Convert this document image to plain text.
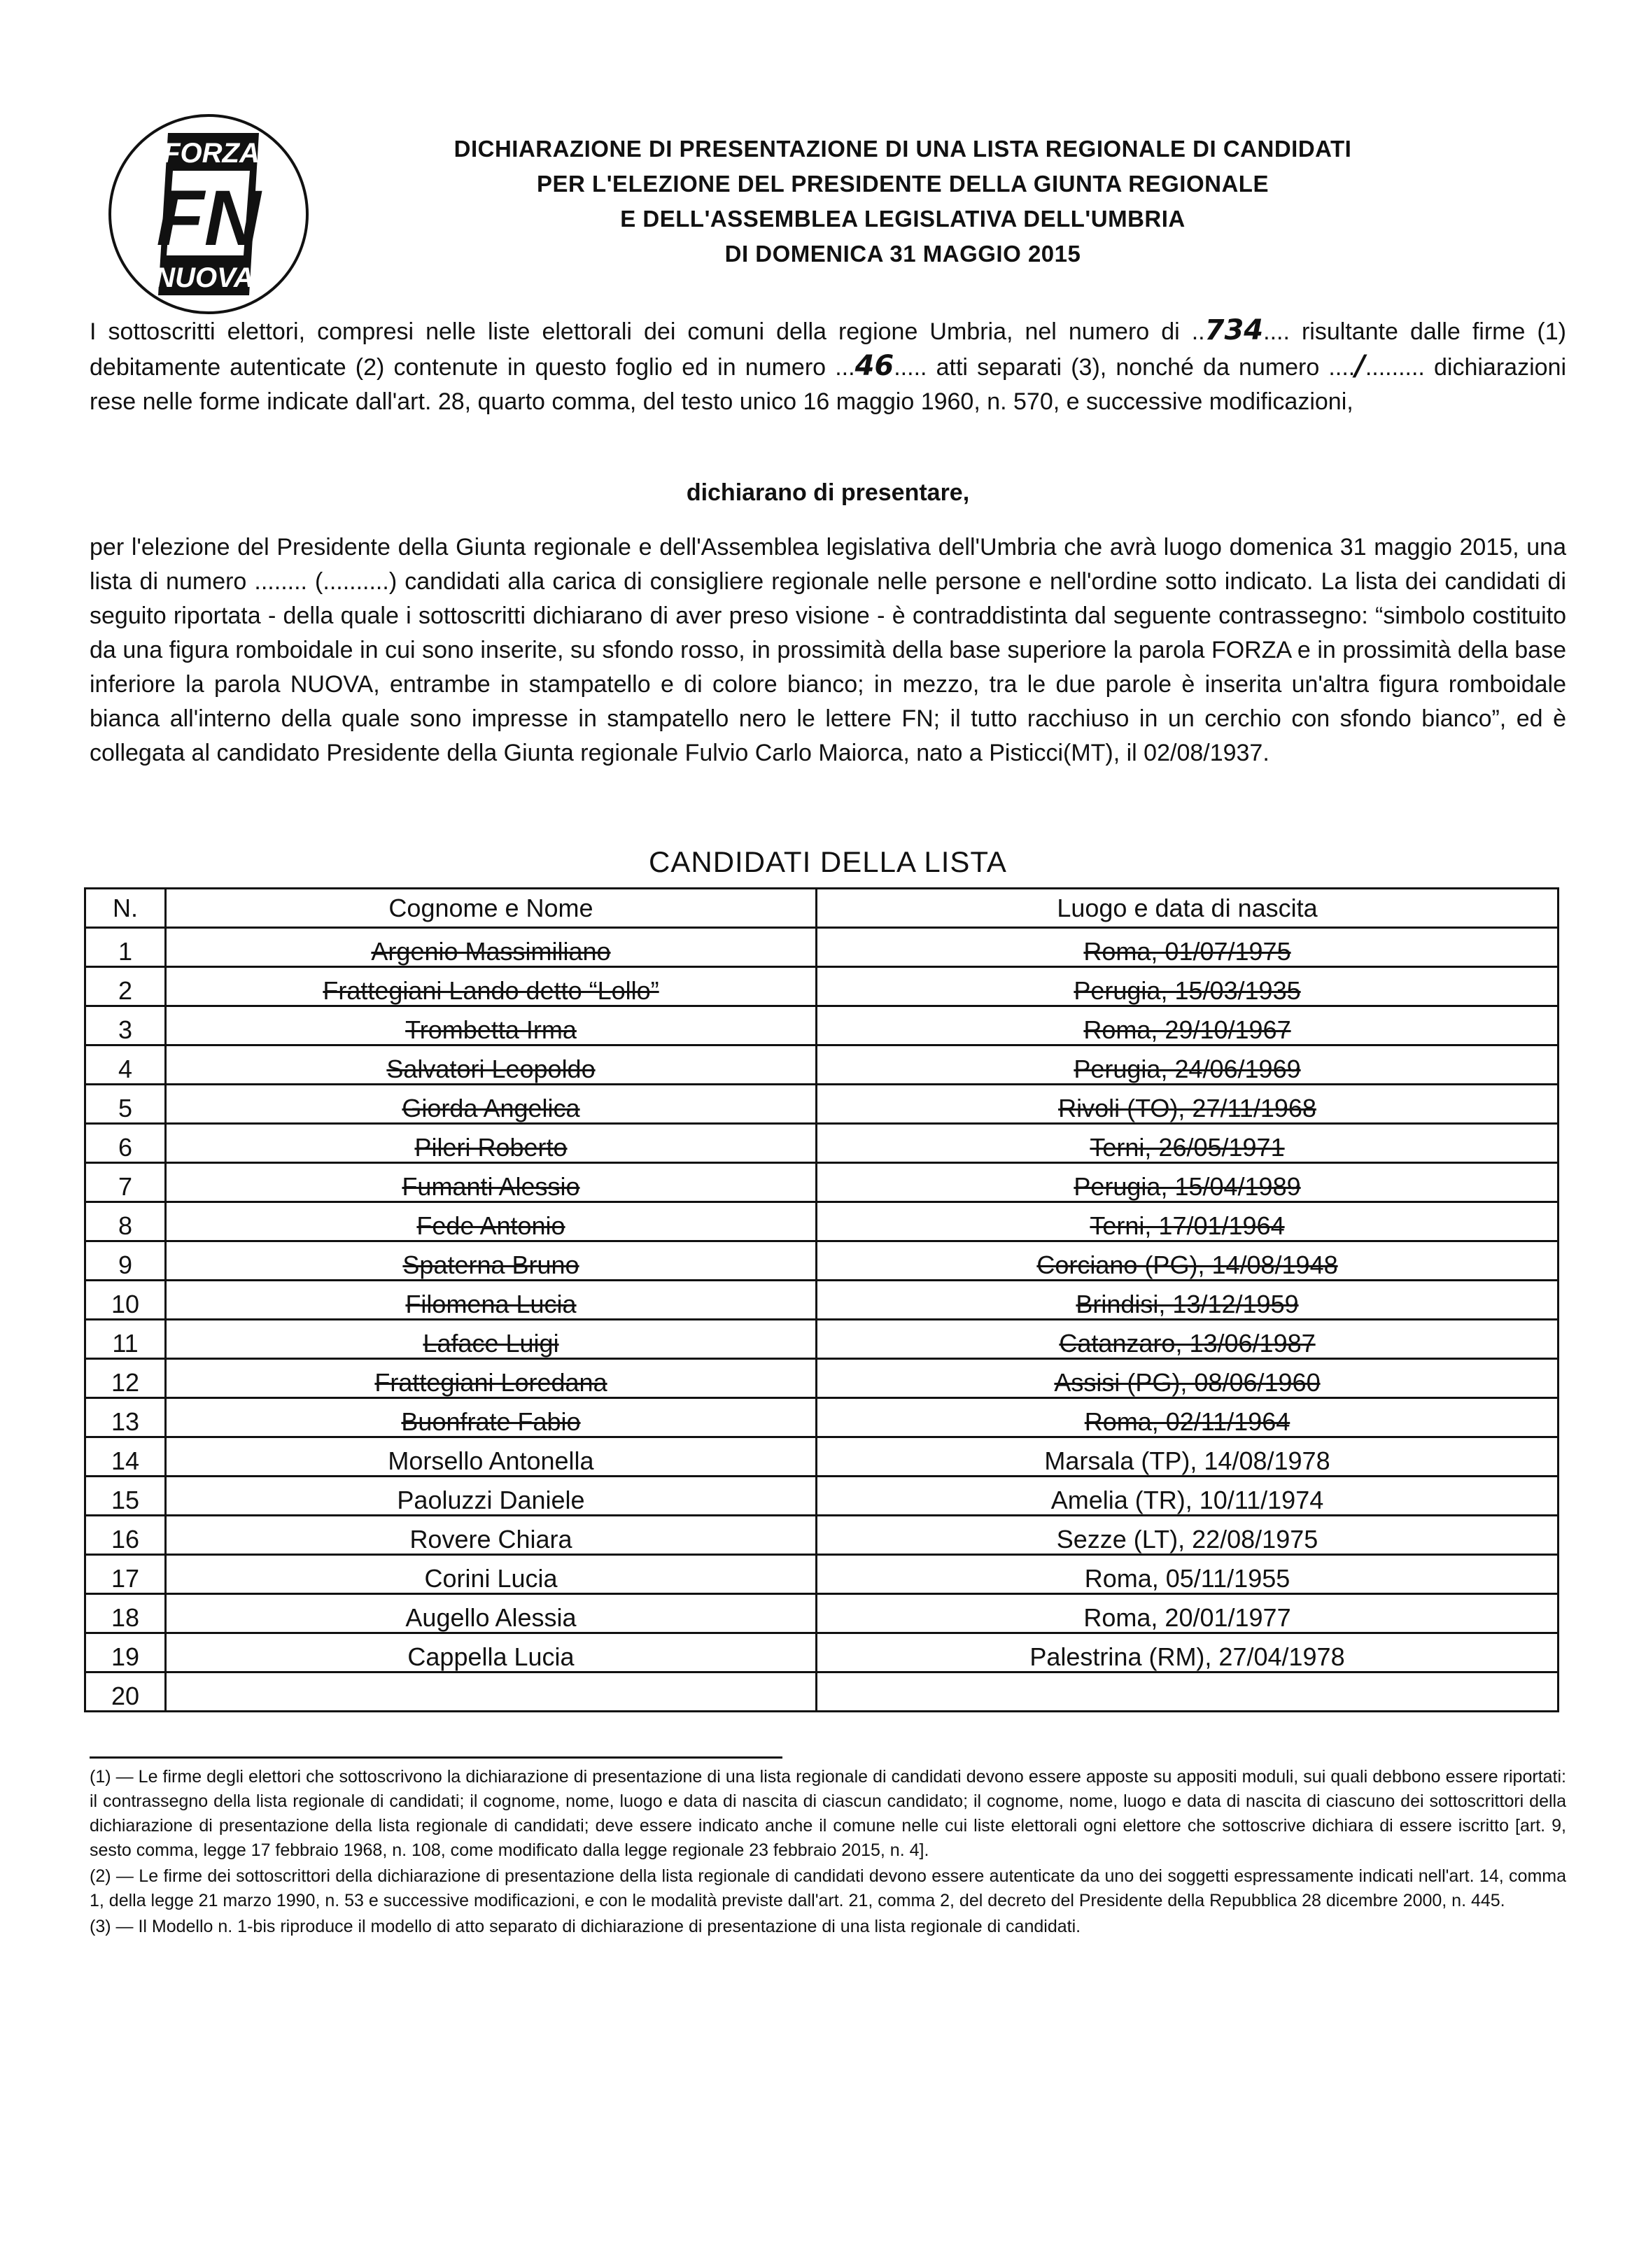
FORZA
FN
NUOVA
DICHIARAZIONE DI PRESENTAZIONE DI UNA LISTA REGIONALE DI CANDIDATI
PER L'ELEZIONE DEL PRESIDENTE DELLA GIUNTA REGIONALE
E DELL'ASSEMBLEA LEGISLATIVA DELL'UMBRIA
DI DOMENICA 31 MAGGIO 2015
I sottoscritti elettori, compresi nelle liste elettorali dei comuni della regione Umbria, nel numero di ..734.... risultante dalle firme (1) debitamente autenticate (2) contenute in questo foglio ed in numero ...46..... atti separati (3), nonché da numero ..../......... dichiarazioni rese nelle forme indicate dall'art. 28, quarto comma, del testo unico 16 maggio 1960, n. 570, e successive modificazioni,
dichiarano di presentare,
per l'elezione del Presidente della Giunta regionale e dell'Assemblea legislativa dell'Umbria che avrà luogo domenica 31 maggio 2015, una lista di numero ........ (..........) candidati alla carica di consigliere regionale nelle persone e nell'ordine sotto indicato. La lista dei candidati di seguito riportata - della quale i sottoscritti dichiarano di aver preso visione - è contraddistinta dal seguente contrassegno: “simbolo costituito da una figura romboidale in cui sono inserite, su sfondo rosso, in prossimità della base superiore la parola FORZA e in prossimità della base inferiore la parola NUOVA, entrambe in stampatello e di colore bianco; in mezzo, tra le due parole è inserita un'altra figura romboidale bianca all'interno della quale sono impresse in stampatello nero le lettere FN; il tutto racchiuso in un cerchio con sfondo bianco”, ed è collegata al candidato Presidente della Giunta regionale Fulvio Carlo Maiorca, nato a Pisticci(MT), il 02/08/1937.
CANDIDATI DELLA LISTA
N.	Cognome e Nome	Luogo e data di nascita
1	Argenio Massimiliano	Roma, 01/07/1975
2	Frattegiani Lando detto “Lollo”	Perugia, 15/03/1935
3	Trombetta Irma	Roma, 29/10/1967
4	Salvatori Leopoldo	Perugia, 24/06/1969
5	Giorda Angelica	Rivoli (TO), 27/11/1968
6	Pileri Roberto	Terni, 26/05/1971
7	Fumanti Alessio	Perugia, 15/04/1989
8	Fede Antonio	Terni, 17/01/1964
9	Spaterna Bruno	Corciano (PG), 14/08/1948
10	Filomena Lucia	Brindisi, 13/12/1959
11	Laface Luigi	Catanzaro, 13/06/1987
12	Frattegiani Loredana	Assisi (PG), 08/06/1960
13	Buonfrate Fabio	Roma, 02/11/1964
14	Morsello Antonella	Marsala (TP), 14/08/1978
15	Paoluzzi Daniele	Amelia (TR), 10/11/1974
16	Rovere Chiara	Sezze (LT), 22/08/1975
17	Corini Lucia	Roma, 05/11/1955
18	Augello Alessia	Roma, 20/01/1977
19	Cappella Lucia	Palestrina (RM), 27/04/1978
20		

(1) — Le firme degli elettori che sottoscrivono la dichiarazione di presentazione di una lista regionale di candidati devono essere apposte su appositi moduli, sui quali debbono essere riportati: il contrassegno della lista regionale di candidati; il cognome, nome, luogo e data di nascita di ciascun candidato; il cognome, nome, luogo e data di nascita di ciascuno dei sottoscrittori della dichiarazione di presentazione della lista regionale di candidati; deve essere indicato anche il comune nelle cui liste elettorali ogni elettore che sottoscrive dichiara di essere iscritto [art. 9, sesto comma, legge 17 febbraio 1968, n. 108, come modificato dalla legge regionale 23 febbraio 2015, n. 4].

(2) — Le firme dei sottoscrittori della dichiarazione di presentazione della lista regionale di candidati devono essere autenticate da uno dei soggetti espressamente indicati nell'art. 14, comma 1, della legge 21 marzo 1990, n. 53 e successive modificazioni, e con le modalità previste dall'art. 21, comma 2, del decreto del Presidente della Repubblica 28 dicembre 2000, n. 445.

(3) — Il Modello n. 1-bis riproduce il modello di atto separato di dichiarazione di presentazione di una lista regionale di candidati.
